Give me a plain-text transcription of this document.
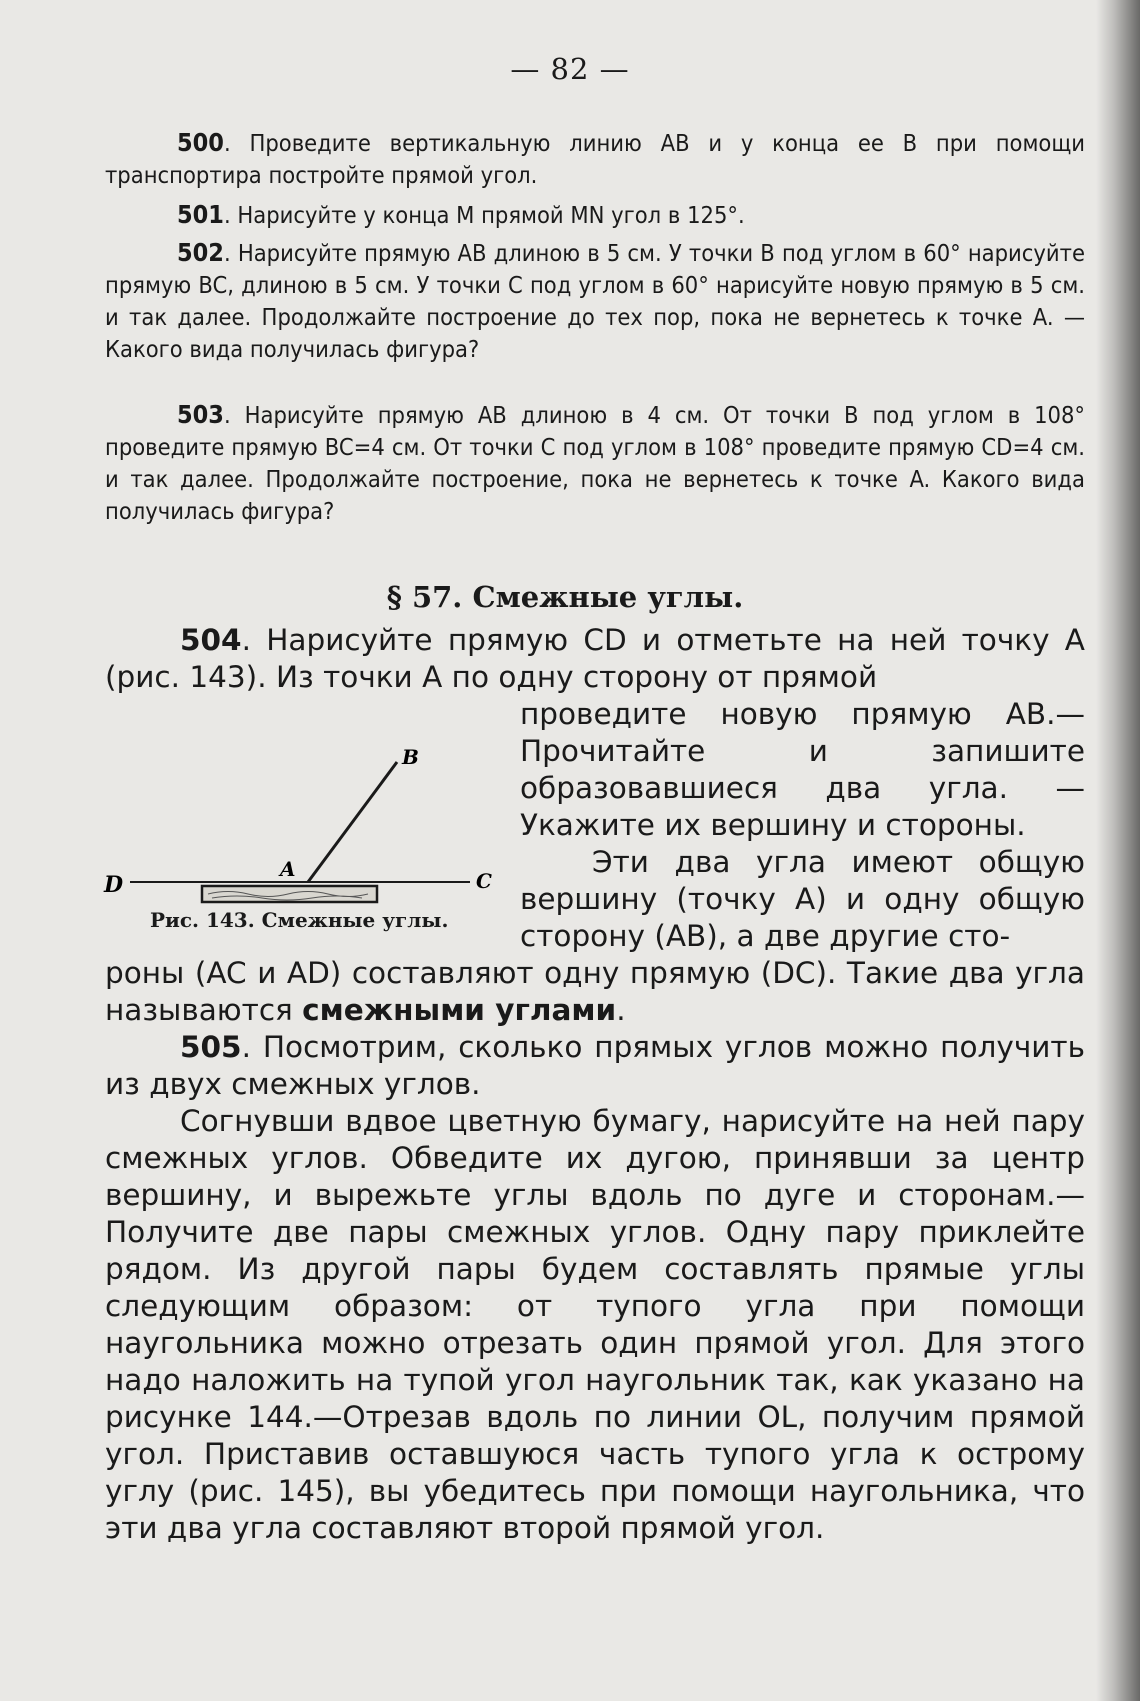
— 82 —
500. Проведите вертикальную линию AB и у конца ее B при помощи транспортира постройте прямой угол.
501. Нарисуйте у конца M прямой MN угол в 125°.
502. Нарисуйте прямую AB длиною в 5 см. У точки B под углом в 60° нарисуйте прямую BC, длиною в 5 см. У точки C под углом в 60° нарисуйте новую прямую в 5 см. и так далее. Продолжайте построение до тех пор, пока не вернетесь к точке A. — Какого вида получилась фигура?
503. Нарисуйте прямую AB длиною в 4 см. От точки B под углом в 108° проведите прямую BC=4 см. От точки C под углом в 108° проведите прямую CD=4 см. и так далее. Продолжайте построение, пока не вернетесь к точке A. Какого вида получилась фигура?
§ 57. Смежные углы.
504. Нарисуйте прямую CD и отметьте на ней точку A (рис. 143). Из точки A по одну сторону от прямой
проведите новую прямую AB.— Прочитайте и запишите образовавшиеся два угла. —Укажите их вершину и стороны.
Эти два угла имеют общую вершину (точку A) и одну общую сторону (AB), а две другие сто-
роны (AC и AD) составляют одну прямую (DC). Такие два угла называются смежными углами.
D	C
A
B
Рис. 143. Смежные углы.
505. Посмотрим, сколько прямых углов можно получить из двух смежных углов.
Согнувши вдвое цветную бумагу, нарисуйте на ней пару смежных углов. Обведите их дугою, принявши за центр вершину, и вырежьте углы вдоль по дуге и сторонам.—Получите две пары смежных углов. Одну пару приклейте рядом. Из другой пары будем составлять прямые углы следующим образом: от тупого угла при помощи наугольника можно отрезать один прямой угол. Для этого надо наложить на тупой угол наугольник так, как указано на рисунке 144.—Отрезав вдоль по линии OL, получим прямой угол. Приставив оставшуюся часть тупого угла к острому углу (рис. 145), вы убедитесь при помощи наугольника, что эти два угла составляют второй прямой угол.
